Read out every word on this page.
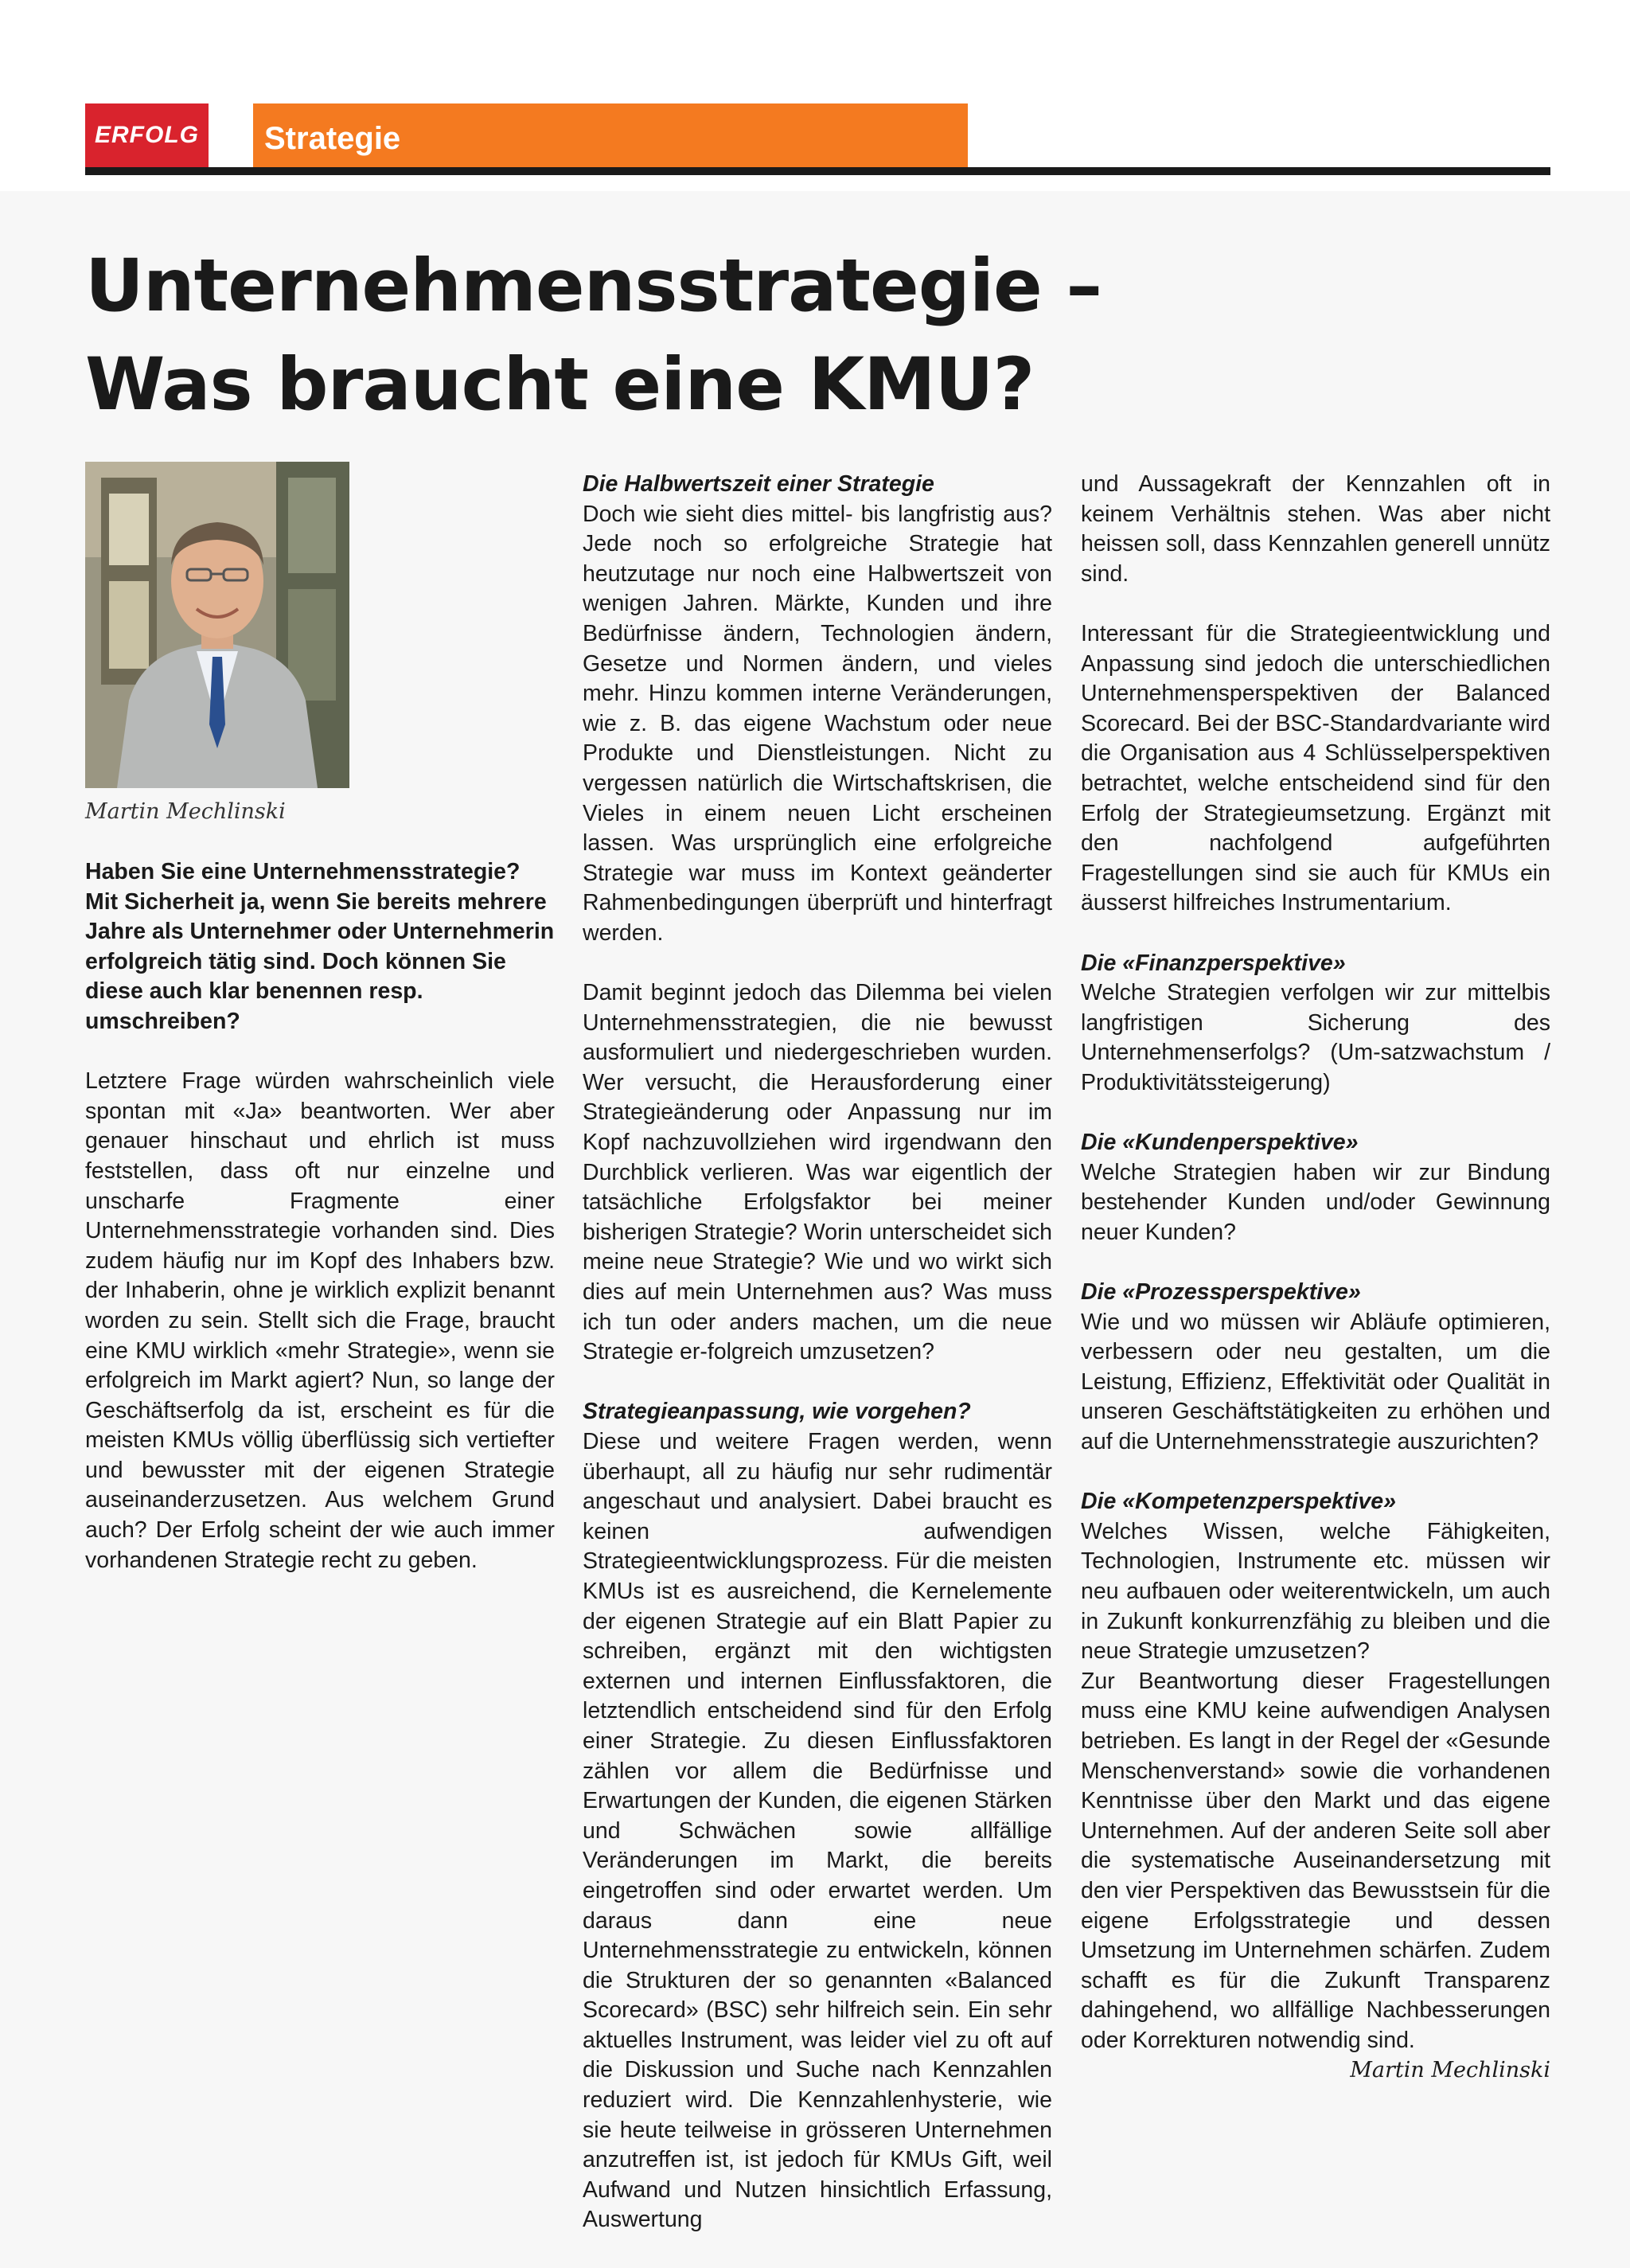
ERFOLG	Strategie
Unternehmensstrategie –
Was braucht eine KMU?
Martin Mechlinski

Haben Sie eine Unternehmensstrategie? Mit Sicherheit ja, wenn Sie bereits mehrere Jahre als Unternehmer oder Unternehmerin erfolgreich tätig sind. Doch können Sie diese auch klar benennen resp. umschreiben?

Letztere Frage würden wahrscheinlich viele spontan mit «Ja» beantworten. Wer aber genauer hinschaut und ehrlich ist muss feststellen, dass oft nur einzelne und unscharfe Fragmente einer Unternehmensstrategie vorhanden sind. Dies zudem häufig nur im Kopf des Inhabers bzw. der Inhaberin, ohne je wirklich explizit benannt worden zu sein. Stellt sich die Frage, braucht eine KMU wirklich «mehr Strategie», wenn sie erfolgreich im Markt agiert? Nun, so lange der Geschäftserfolg da ist, erscheint es für die meisten KMUs völlig überflüssig sich vertiefter und bewusster mit der eigenen Strategie auseinanderzusetzen. Aus welchem Grund auch? Der Erfolg scheint der wie auch immer vorhandenen Strategie recht zu geben.

Die Halbwertszeit einer Strategie

Doch wie sieht dies mittel- bis langfristig aus? Jede noch so erfolgreiche Strategie hat heutzutage nur noch eine Halbwertszeit von wenigen Jahren. Märkte, Kunden und ihre Bedürfnisse ändern, Technologien ändern, Gesetze und Normen ändern, und vieles mehr. Hinzu kommen interne Veränderungen, wie z. B. das eigene Wachstum oder neue Produkte und Dienstleistungen. Nicht zu vergessen natürlich die Wirtschaftskrisen, die Vieles in einem neuen Licht erscheinen lassen. Was ursprünglich eine erfolgreiche Strategie war muss im Kontext geänderter Rahmenbedingungen überprüft und hinterfragt werden.

Damit beginnt jedoch das Dilemma bei vielen Unternehmensstrategien, die nie bewusst ausformuliert und niedergeschrieben wurden. Wer versucht, die Herausforderung einer Strategieänderung oder Anpassung nur im Kopf nachzuvollziehen wird irgendwann den Durchblick verlieren. Was war eigentlich der tatsächliche Erfolgsfaktor bei meiner bisherigen Strategie? Worin unterscheidet sich meine neue Strategie? Wie und wo wirkt sich dies auf mein Unternehmen aus? Was muss ich tun oder anders machen, um die neue Strategie er-folgreich umzusetzen?

Strategieanpassung, wie vorgehen?

Diese und weitere Fragen werden, wenn überhaupt, all zu häufig nur sehr rudimentär angeschaut und analysiert. Dabei braucht es keinen aufwendigen Strategieentwicklungsprozess. Für die meisten KMUs ist es ausreichend, die Kernelemente der eigenen Strategie auf ein Blatt Papier zu schreiben, ergänzt mit den wichtigsten externen und internen Einflussfaktoren, die letztendlich entscheidend sind für den Erfolg einer Strategie. Zu diesen Einflussfaktoren zählen vor allem die Bedürfnisse und Erwartungen der Kunden, die eigenen Stärken und Schwächen sowie allfällige Veränderungen im Markt, die bereits eingetroffen sind oder erwartet werden. Um daraus dann eine neue Unternehmensstrategie zu entwickeln, können die Strukturen der so genannten «Balanced Scorecard» (BSC) sehr hilfreich sein. Ein sehr aktuelles Instrument, was leider viel zu oft auf die Diskussion und Suche nach Kennzahlen reduziert wird. Die Kennzahlenhysterie, wie sie heute teilweise in grösseren Unternehmen anzutreffen ist, ist jedoch für KMUs Gift, weil Aufwand und Nutzen hinsichtlich Erfassung, Auswertung

und Aussagekraft der Kennzahlen oft in keinem Verhältnis stehen. Was aber nicht heissen soll, dass Kennzahlen generell unnütz sind.

Interessant für die Strategieentwicklung und Anpassung sind jedoch die unterschiedlichen Unternehmensperspektiven der Balanced Scorecard. Bei der BSC-Standardvariante wird die Organisation aus 4 Schlüsselperspektiven betrachtet, welche entscheidend sind für den Erfolg der Strategieumsetzung. Ergänzt mit den nachfolgend aufgeführten Fragestellungen sind sie auch für KMUs ein äusserst hilfreiches Instrumentarium.

Die «Finanzperspektive»

Welche Strategien verfolgen wir zur mittelbis langfristigen Sicherung des Unternehmenserfolgs? (Um-satzwachstum / Produktivitätssteigerung)

Die «Kundenperspektive»

Welche Strategien haben wir zur Bindung bestehender Kunden und/oder Gewinnung neuer Kunden?

Die «Prozessperspektive»

Wie und wo müssen wir Abläufe optimieren, verbessern oder neu gestalten, um die Leistung, Effizienz, Effektivität oder Qualität in unseren Geschäftstätigkeiten zu erhöhen und auf die Unternehmensstrategie auszurichten?

Die «Kompetenzperspektive»

Welches Wissen, welche Fähigkeiten, Technologien, Instrumente etc. müssen wir neu aufbauen oder weiterentwickeln, um auch in Zukunft konkurrenzfähig zu bleiben und die neue Strategie umzusetzen?

Zur Beantwortung dieser Fragestellungen muss eine KMU keine aufwendigen Analysen betrieben. Es langt in der Regel der «Gesunde Menschenverstand» sowie die vorhandenen Kenntnisse über den Markt und das eigene Unternehmen. Auf der anderen Seite soll aber die systematische Auseinandersetzung mit den vier Perspektiven das Bewusstsein für die eigene Erfolgsstrategie und dessen Umsetzung im Unternehmen schärfen. Zudem schafft es für die Zukunft Transparenz dahingehend, wo allfällige Nachbesserungen oder Korrekturen notwendig sind.

Martin Mechlinski
